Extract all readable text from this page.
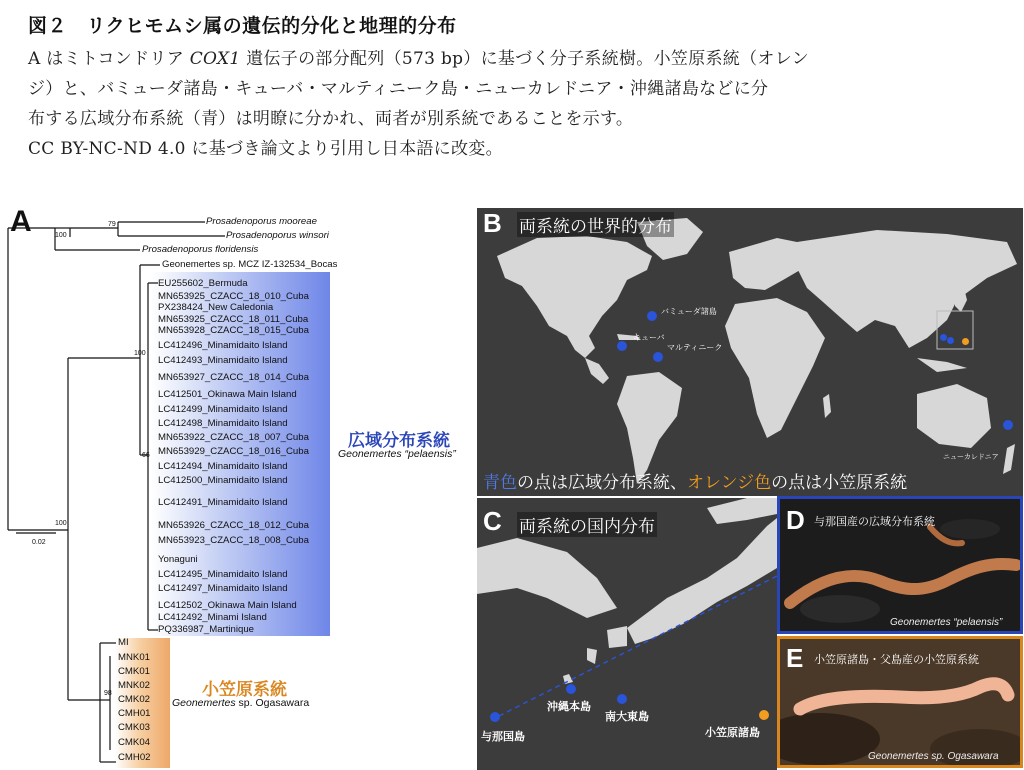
図２　リクヒモムシ属の遺伝的分化と地理的分布

A はミトコンドリア COX1 遺伝子の部分配列（573 bp）に基づく分子系統樹。小笠原系統（オレン

ジ）と、バミューダ諸島・キューバ・マルティニーク島・ニューカレドニア・沖縄諸島などに分

布する広域分布系統（青）は明瞭に分かれ、両者が別系統であることを示す。

CC BY-NC-ND 4.0 に基づき論文より引用し日本語に改変。

A	Prosadenoporus mooreae
Prosadenoporus winsori
Prosadenoporus floridensis
Geonemertes sp. MCZ IZ-132534_Bocas
79
100
100
66
100
98
0.02
EU255602_Bermuda
MN653925_CZACC_18_010_Cuba
PX238424_New Caledonia
MN653925_CZACC_18_011_Cuba
MN653928_CZACC_18_015_Cuba
LC412496_Minamidaito Island
LC412493_Minamidaito Island
MN653927_CZACC_18_014_Cuba
LC412501_Okinawa Main Island
LC412499_Minamidaito Island
LC412498_Minamidaito Island
MN653922_CZACC_18_007_Cuba
MN653929_CZACC_18_016_Cuba
LC412494_Minamidaito Island
LC412500_Minamidaito Island
LC412491_Minamidaito Island
MN653926_CZACC_18_012_Cuba
MN653923_CZACC_18_008_Cuba
Yonaguni
LC412495_Minamidaito Island
LC412497_Minamidaito Island
LC412502_Okinawa Main Island
LC412492_Minami Island
PQ336987_Martinique
MI
MNK01
CMK01
MNK02
CMK02
CMH01
CMK03
CMK04
CMH02
広域分布系統
Geonemertes “pelaensis”
小笠原系統
Geonemertes sp. Ogasawara
B 両系統の世界的分布
バミューダ諸島
キューバ
マルティニーク
ニューカレドニア
青色の点は広域分布系統、オレンジ色の点は小笠原系統
C 両系統の国内分布
与那国島
沖縄本島
南大東島
小笠原諸島
D 与那国産の広域分布系統
Geonemertes “pelaensis”
E 小笠原諸島・父島産の小笠原系統
Geonemertes sp. Ogasawara
